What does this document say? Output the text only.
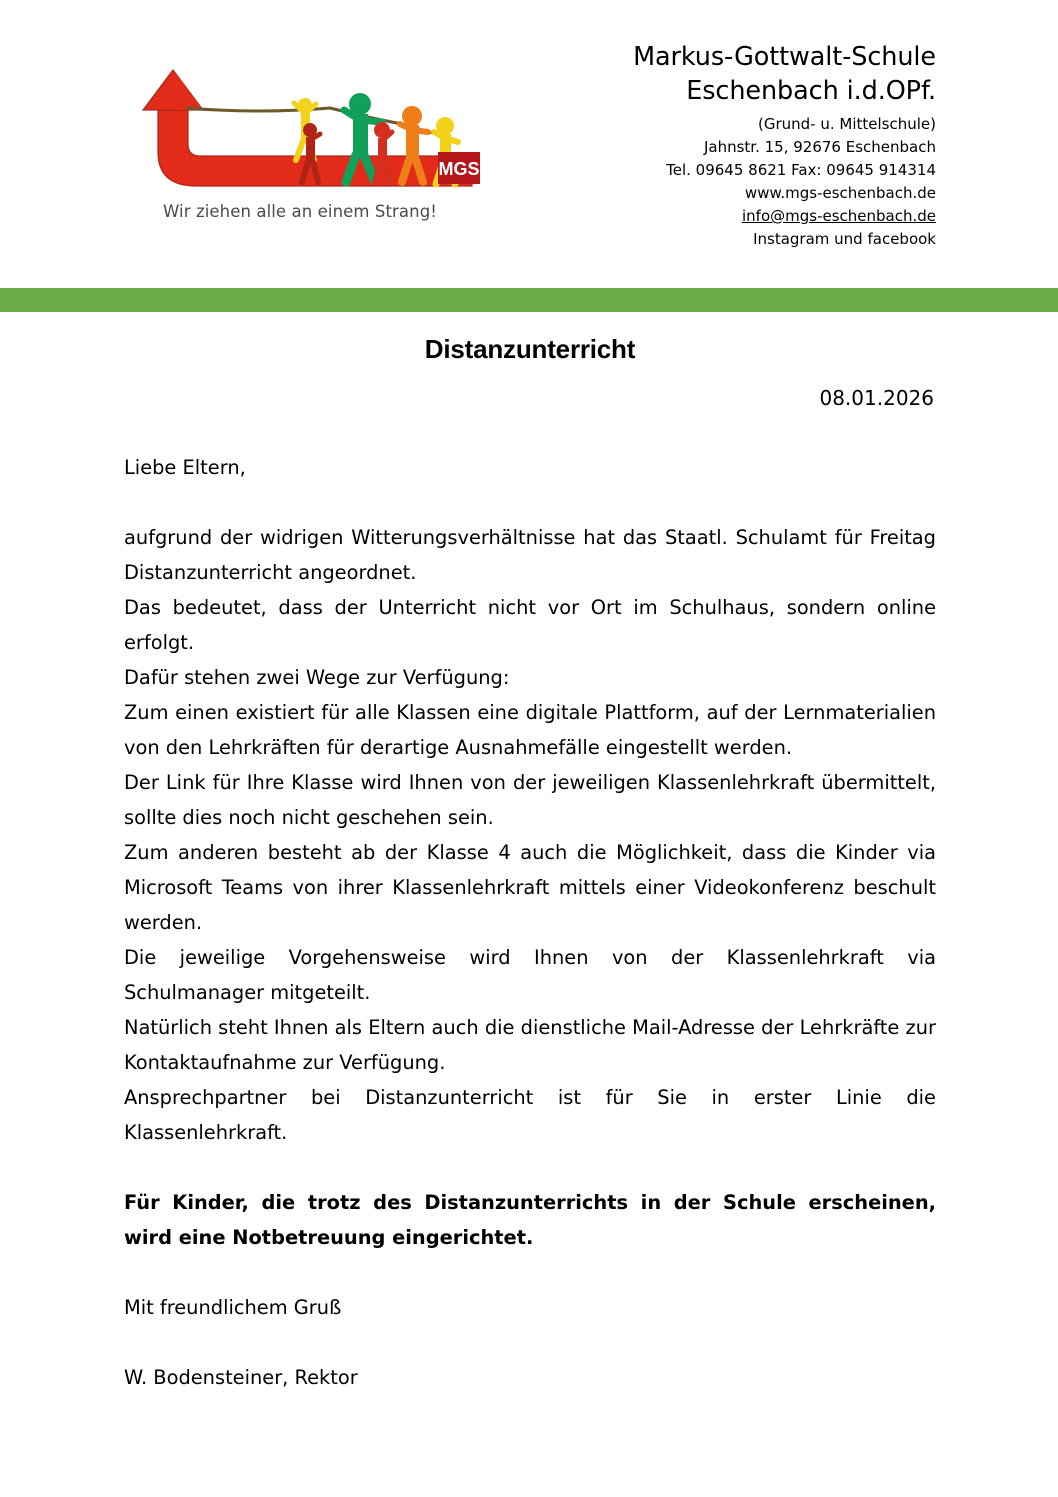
MGS
Wir ziehen alle an einem Strang!
Markus-Gottwalt-Schule
Eschenbach i.d.OPf.
(Grund- u. Mittelschule)
Jahnstr. 15, 92676 Eschenbach
Tel. 09645 8621 Fax: 09645 914314
www.mgs-eschenbach.de
info@mgs-eschenbach.de
Instagram und facebook
Distanzunterricht
08.01.2026

Liebe Eltern,

aufgrund der widrigen Witterungsverhältnisse hat das Staatl. Schulamt für Freitag Distanzunterricht angeordnet.

Das bedeutet, dass der Unterricht nicht vor Ort im Schulhaus, sondern online erfolgt.

Dafür stehen zwei Wege zur Verfügung:

Zum einen existiert für alle Klassen eine digitale Plattform, auf der Lernmaterialien von den Lehrkräften für derartige Ausnahmefälle eingestellt werden.

Der Link für Ihre Klasse wird Ihnen von der jeweiligen Klassenlehrkraft übermittelt, sollte dies noch nicht geschehen sein.

Zum anderen besteht ab der Klasse 4 auch die Möglichkeit, dass die Kinder via Microsoft Teams von ihrer Klassenlehrkraft mittels einer Videokonferenz beschult werden.

Die jeweilige Vorgehensweise wird Ihnen von der Klassenlehrkraft via Schulmanager mitgeteilt.

Natürlich steht Ihnen als Eltern auch die dienstliche Mail-Adresse der Lehrkräfte zur Kontaktaufnahme zur Verfügung.

Ansprechpartner bei Distanzunterricht ist für Sie in erster Linie die Klassenlehrkraft.

Für Kinder, die trotz des Distanzunterrichts in der Schule erscheinen, wird eine Notbetreuung eingerichtet.

Mit freundlichem Gruß

W. Bodensteiner, Rektor
